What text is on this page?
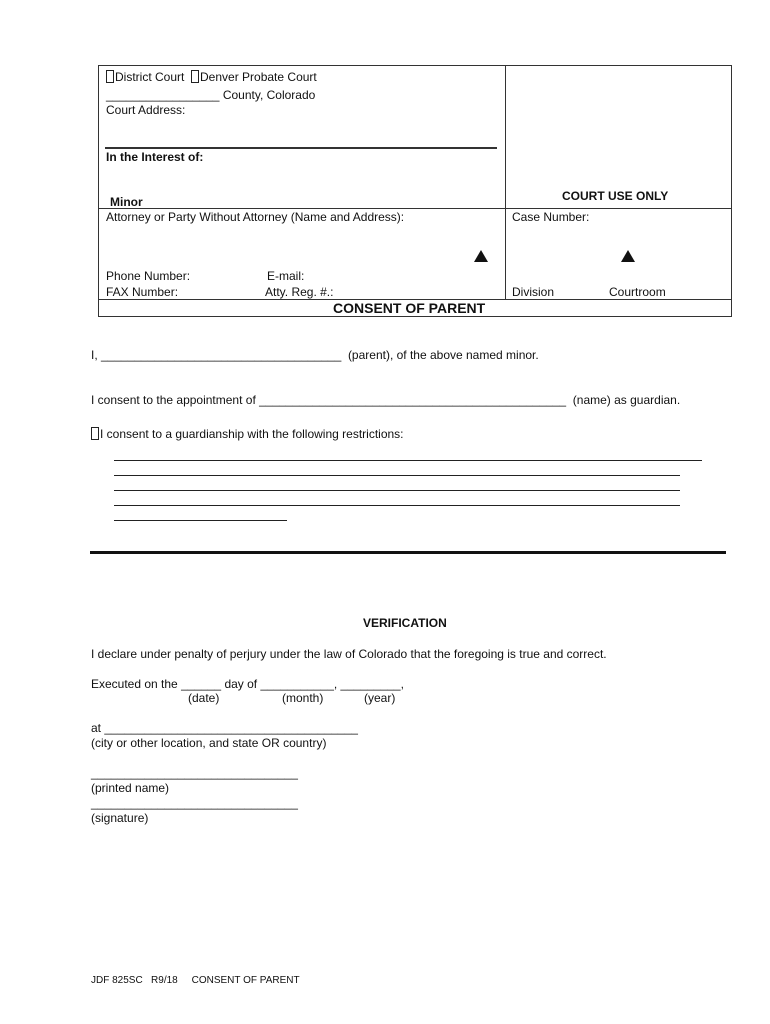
District Court Denver Probate Court
_________________ County, Colorado
Court Address:
In the Interest of:
Minor	COURT USE ONLY
Attorney or Party Without Attorney (Name and Address):	Case Number:
Phone Number:	E-mail:
FAX Number:	Atty. Reg. #.:	Division	Courtroom
CONSENT OF PARENT
I, ____________________________________ (parent), of the above named minor.
I consent to the appointment of ______________________________________________ (name) as guardian.
I consent to a guardianship with the following restrictions:
VERIFICATION
I declare under penalty of perjury under the law of Colorado that the foregoing is true and correct.
Executed on the ______ day of ___________, _________,
(date)	(month)	(year)
at ______________________________________
(city or other location, and state OR country)
_______________________________
(printed name)
_______________________________
(signature)
JDF 825SC R9/18 CONSENT OF PARENT
